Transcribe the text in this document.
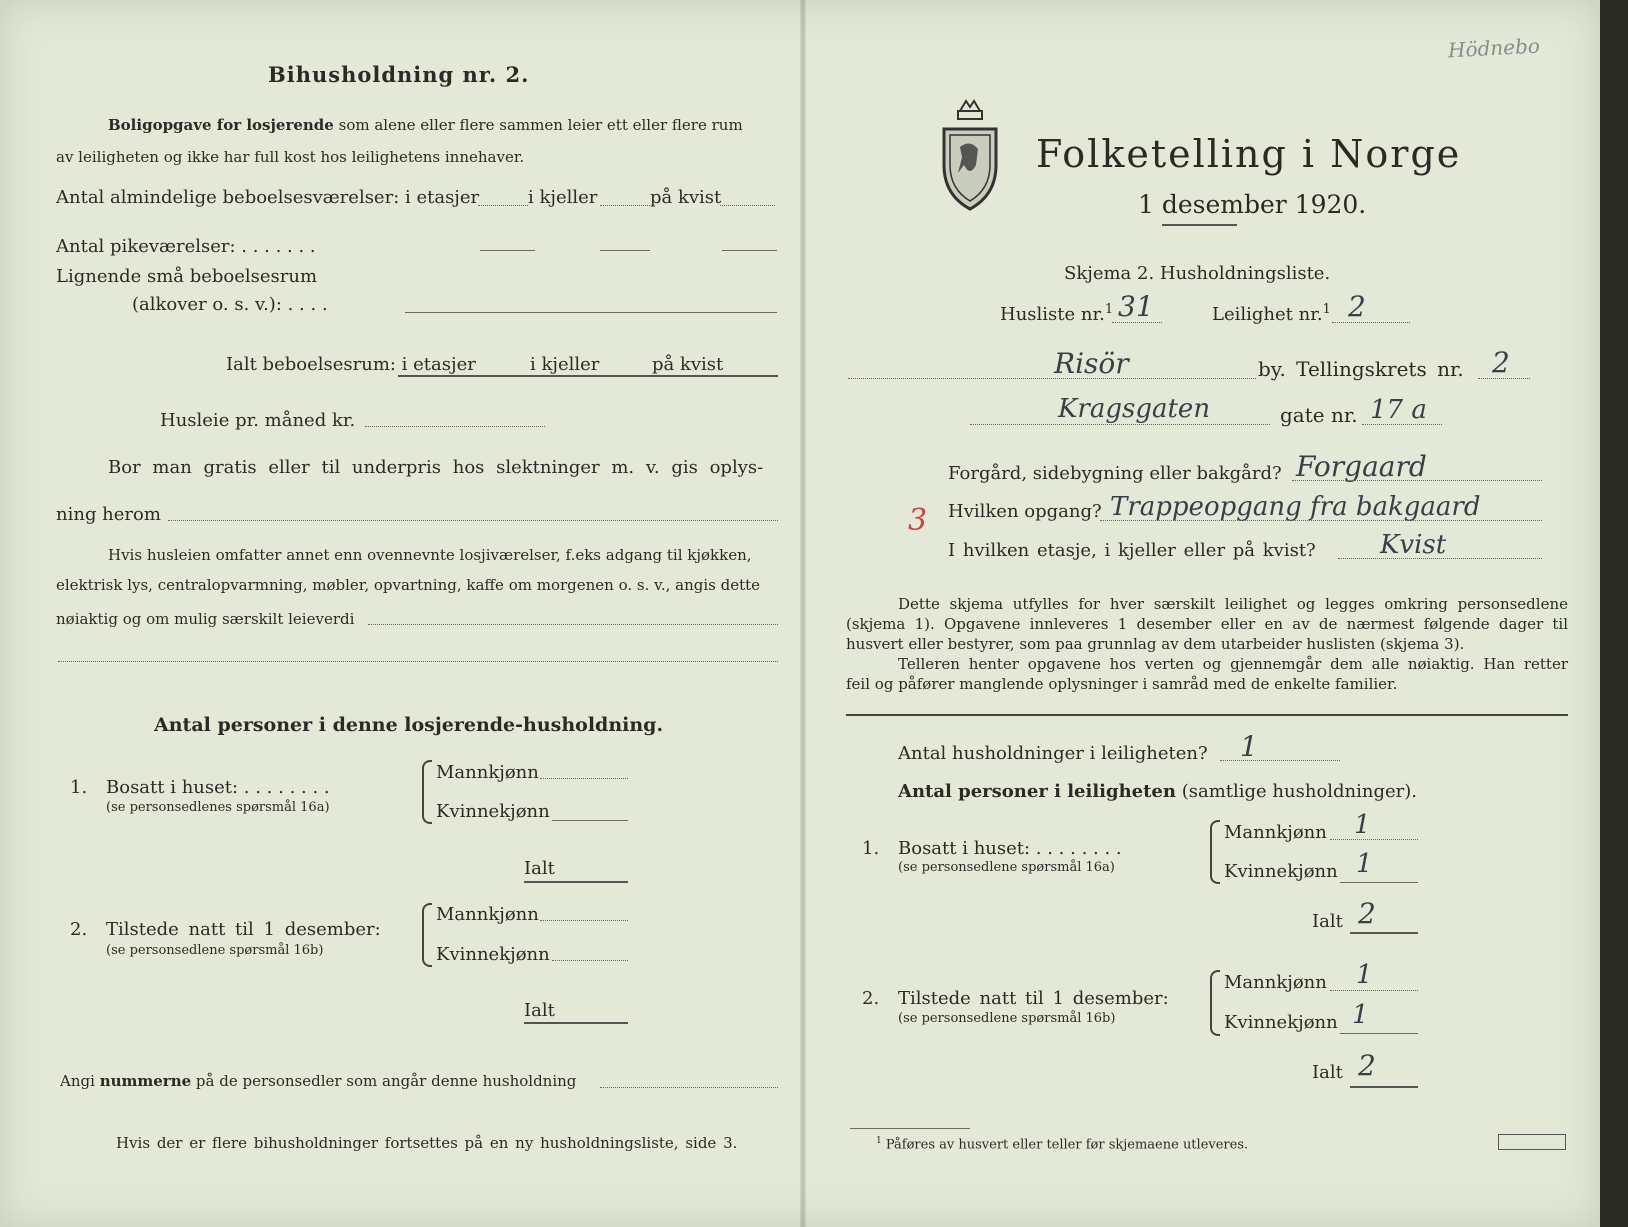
Bihusholdning nr. 2.
Boligopgave for losjerende som alene eller flere sammen leier ett eller flere rum
av leiligheten og ikke har full kost hos leilighetens innehaver.
Antal almindelige beboelsesværelser: i etasjer	i kjeller	på kvist
Antal pikeværelser: . . . . . . .
Lignende små beboelsesrum
(alkover o. s. v.): . . . .
Ialt beboelsesrum: i etasjer	i kjeller	på kvist
Husleie pr. måned kr.
Bor man gratis eller til underpris hos slektninger m. v. gis oplys-
ning herom
Hvis husleien omfatter annet enn ovennevnte losjiværelser, f.eks adgang til kjøkken,
elektrisk lys, centralopvarmning, møbler, opvartning, kaffe om morgenen o. s. v., angis dette
nøiaktig og om mulig særskilt leieverdi
Antal personer i denne losjerende-husholdning.
1. Bosatt i huset: . . . . . . . .
(se personsedlenes spørsmål 16a)
Mannkjønn
Kvinnekjønn
Ialt
2. Tilstede natt til 1 desember:
(se personsedlene spørsmål 16b)
Mannkjønn
Kvinnekjønn
Ialt
Angi nummerne på de personsedler som angår denne husholdning
Hvis der er flere bihusholdninger fortsettes på en ny husholdningsliste, side 3.
Hödnebo
Folketelling i Norge
1 desember 1920.
Skjema 2. Husholdningsliste.
Husliste nr.$^1$ 31	Leilighet nr.$^1$ 2
Risör	by. Tellingskrets nr. 2
Kragsgaten	gate nr. 17 a
Forgård, sidebygning eller bakgård? Forgaard
3 Hvilken opgang? Trappeopgang fra bakgaard
I hvilken etasje, i kjeller eller på kvist? Kvist
Dette skjema utfylles for hver særskilt leilighet og legges omkring personsedlene
(skjema 1). Opgavene innleveres 1 desember eller en av de nærmest følgende dager til
husvert eller bestyrer, som paa grunnlag av dem utarbeider huslisten (skjema 3).
Telleren henter opgavene hos verten og gjennemgår dem alle nøiaktig. Han retter
feil og påfører manglende oplysninger i samråd med de enkelte familier.
Antal husholdninger i leiligheten? 1
Antal personer i leiligheten (samtlige husholdninger).
1. Bosatt i huset: . . . . . . . .
(se personsedlene spørsmål 16a)
Mannkjønn 1
Kvinnekjønn 1
Ialt 2
2. Tilstede natt til 1 desember:
(se personsedlene spørsmål 16b)
Mannkjønn 1
Kvinnekjønn 1
Ialt 2
$^1$ Påføres av husvert eller teller før skjemaene utleveres.
